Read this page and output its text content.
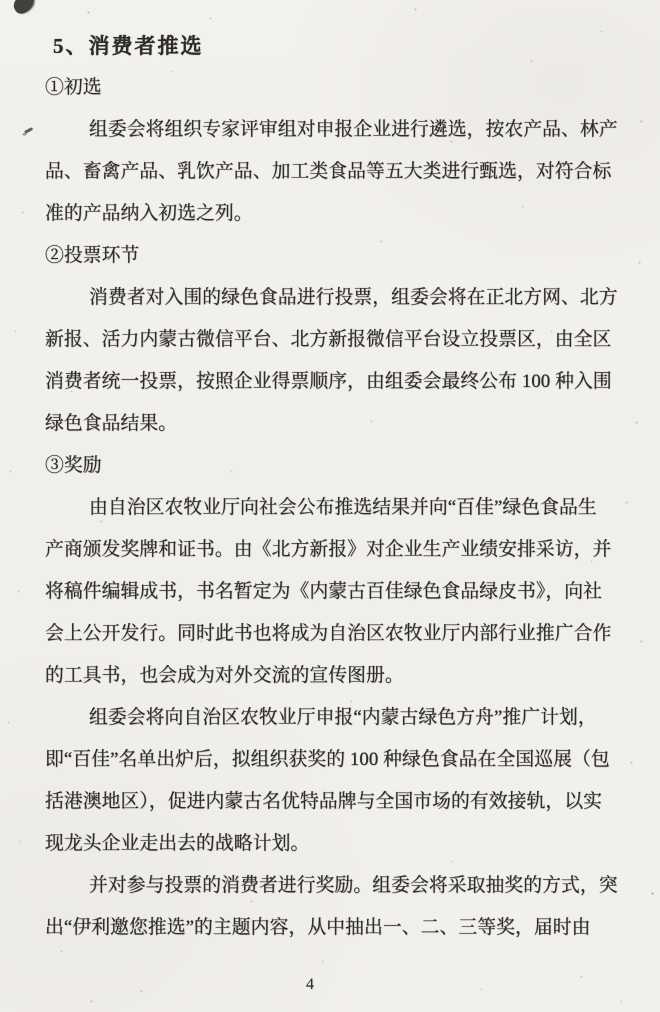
5、消费者推选
①初选
组委会将组织专家评审组对申报企业进行遴选，按农产品、林产
品、畜禽产品、乳饮产品、加工类食品等五大类进行甄选，对符合标
准的产品纳入初选之列。
②投票环节
消费者对入围的绿色食品进行投票，组委会将在正北方网、北方
新报、活力内蒙古微信平台、北方新报微信平台设立投票区，由全区
消费者统一投票，按照企业得票顺序，由组委会最终公布 100 种入围
绿色食品结果。
③奖励
由自治区农牧业厅向社会公布推选结果并向“百佳”绿色食品生
产商颁发奖牌和证书。由《北方新报》对企业生产业绩安排采访，并
将稿件编辑成书，书名暂定为《内蒙古百佳绿色食品绿皮书》，向社
会上公开发行。同时此书也将成为自治区农牧业厅内部行业推广合作
的工具书，也会成为对外交流的宣传图册。
组委会将向自治区农牧业厅申报“内蒙古绿色方舟”推广计划，
即“百佳”名单出炉后，拟组织获奖的 100 种绿色食品在全国巡展（包
括港澳地区），促进内蒙古名优特品牌与全国市场的有效接轨，以实
现龙头企业走出去的战略计划。
并对参与投票的消费者进行奖励。组委会将采取抽奖的方式，突
出“伊利邀您推选”的主题内容，从中抽出一、二、三等奖，届时由
4
